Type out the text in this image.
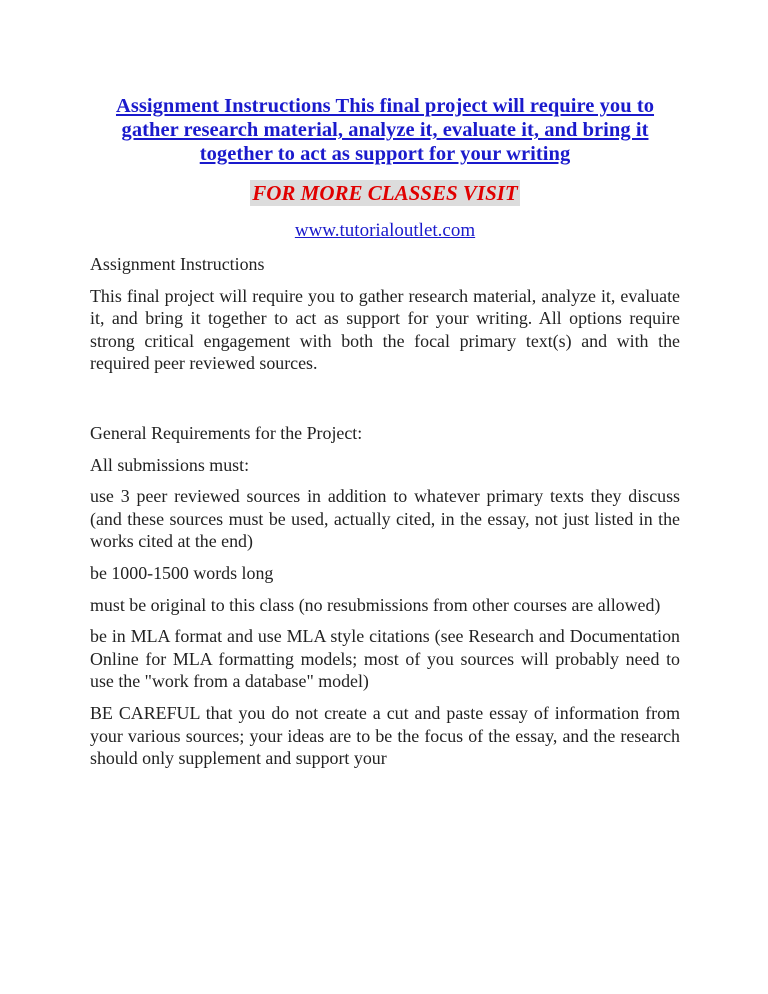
Assignment Instructions This final project will require you to gather research material, analyze it, evaluate it, and bring it together to act as support for your writing
FOR MORE CLASSES VISIT
www.tutorialoutlet.com

Assignment Instructions

This final project will require you to gather research material, analyze it, evaluate it, and bring it together to act as support for your writing. All options require strong critical engagement with both the focal primary text(s) and with the required peer reviewed sources.

General Requirements for the Project:

All submissions must:

use 3 peer reviewed sources in addition to whatever primary texts they discuss (and these sources must be used, actually cited, in the essay, not just listed in the works cited at the end)

be 1000-1500 words long

must be original to this class (no resubmissions from other courses are allowed)

be in MLA format and use MLA style citations (see Research and Documentation Online for MLA formatting models; most of you sources will probably need to use the "work from a database" model)

BE CAREFUL that you do not create a cut and paste essay of information from your various sources; your ideas are to be the focus of the essay, and the research should only supplement and support your
